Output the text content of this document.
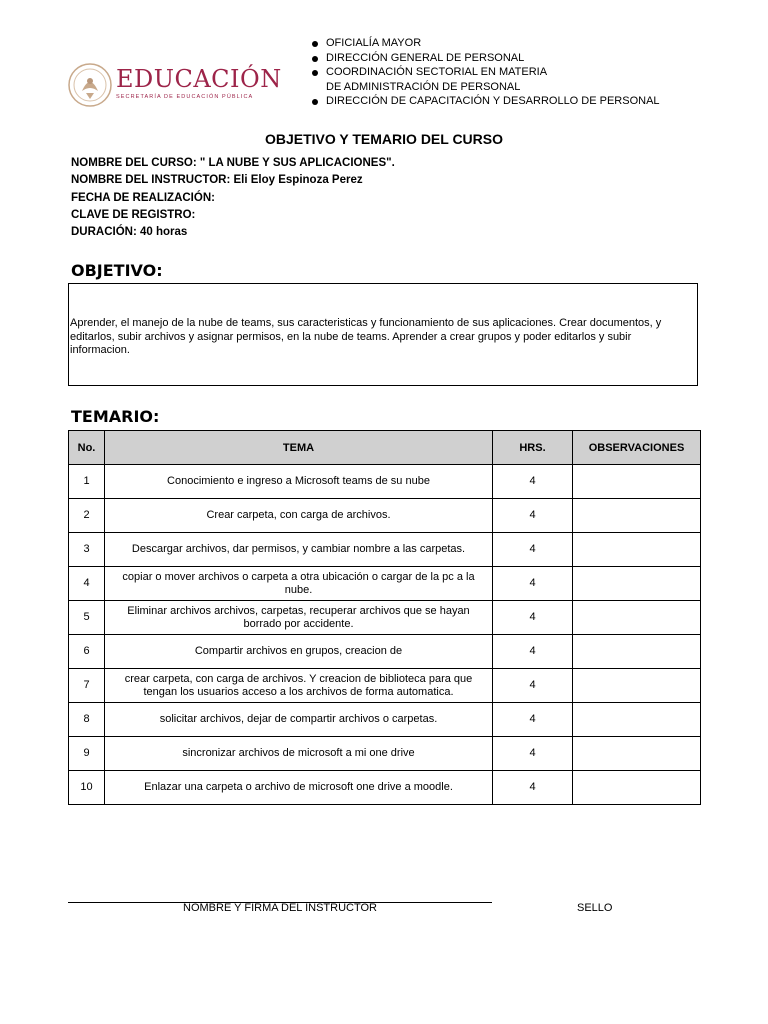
EDUCACIÓN
SECRETARÍA DE EDUCACIÓN PÚBLICA
OFICIALÍA MAYOR
DIRECCIÓN GENERAL DE PERSONAL
COORDINACIÓN SECTORIAL EN MATERIA
DE ADMINISTRACIÓN DE PERSONAL
DIRECCIÓN DE CAPACITACIÓN Y DESARROLLO DE PERSONAL
OBJETIVO Y TEMARIO DEL CURSO
NOMBRE DEL CURSO: " LA NUBE Y SUS APLICACIONES".
NOMBRE DEL INSTRUCTOR: Eli Eloy Espinoza Perez
FECHA DE REALIZACIÓN:
CLAVE DE REGISTRO:
DURACIÓN: 40 horas
OBJETIVO:
Aprender, el manejo de la nube de teams, sus caracteristicas y funcionamiento de sus aplicaciones. Crear documentos, y editarlos, subir archivos y asignar permisos, en la nube de teams. Aprender a crear grupos y poder editarlos y subir informacion.
TEMARIO:
No.	TEMA	HRS.	OBSERVACIONES
1	Conocimiento e ingreso a Microsoft teams de su nube	4	
2	Crear carpeta, con carga de archivos.	4	
3	Descargar archivos, dar permisos, y cambiar nombre a las carpetas.	4	
4	copiar o mover archivos o carpeta a otra ubicación o cargar de la pc a la nube.	4	
5	Eliminar archivos archivos, carpetas, recuperar archivos que se hayan borrado por accidente.	4	
6	Compartir archivos en grupos, creacion de	4	
7	crear carpeta, con carga de archivos. Y creacion de biblioteca para que tengan los usuarios acceso a los archivos de forma automatica.	4	
8	solicitar archivos, dejar de compartir archivos o carpetas.	4	
9	sincronizar archivos de microsoft a mi one drive	4	
10	Enlazar una carpeta o archivo de microsoft one drive a moodle.	4	
NOMBRE Y FIRMA DEL INSTRUCTOR	SELLO
